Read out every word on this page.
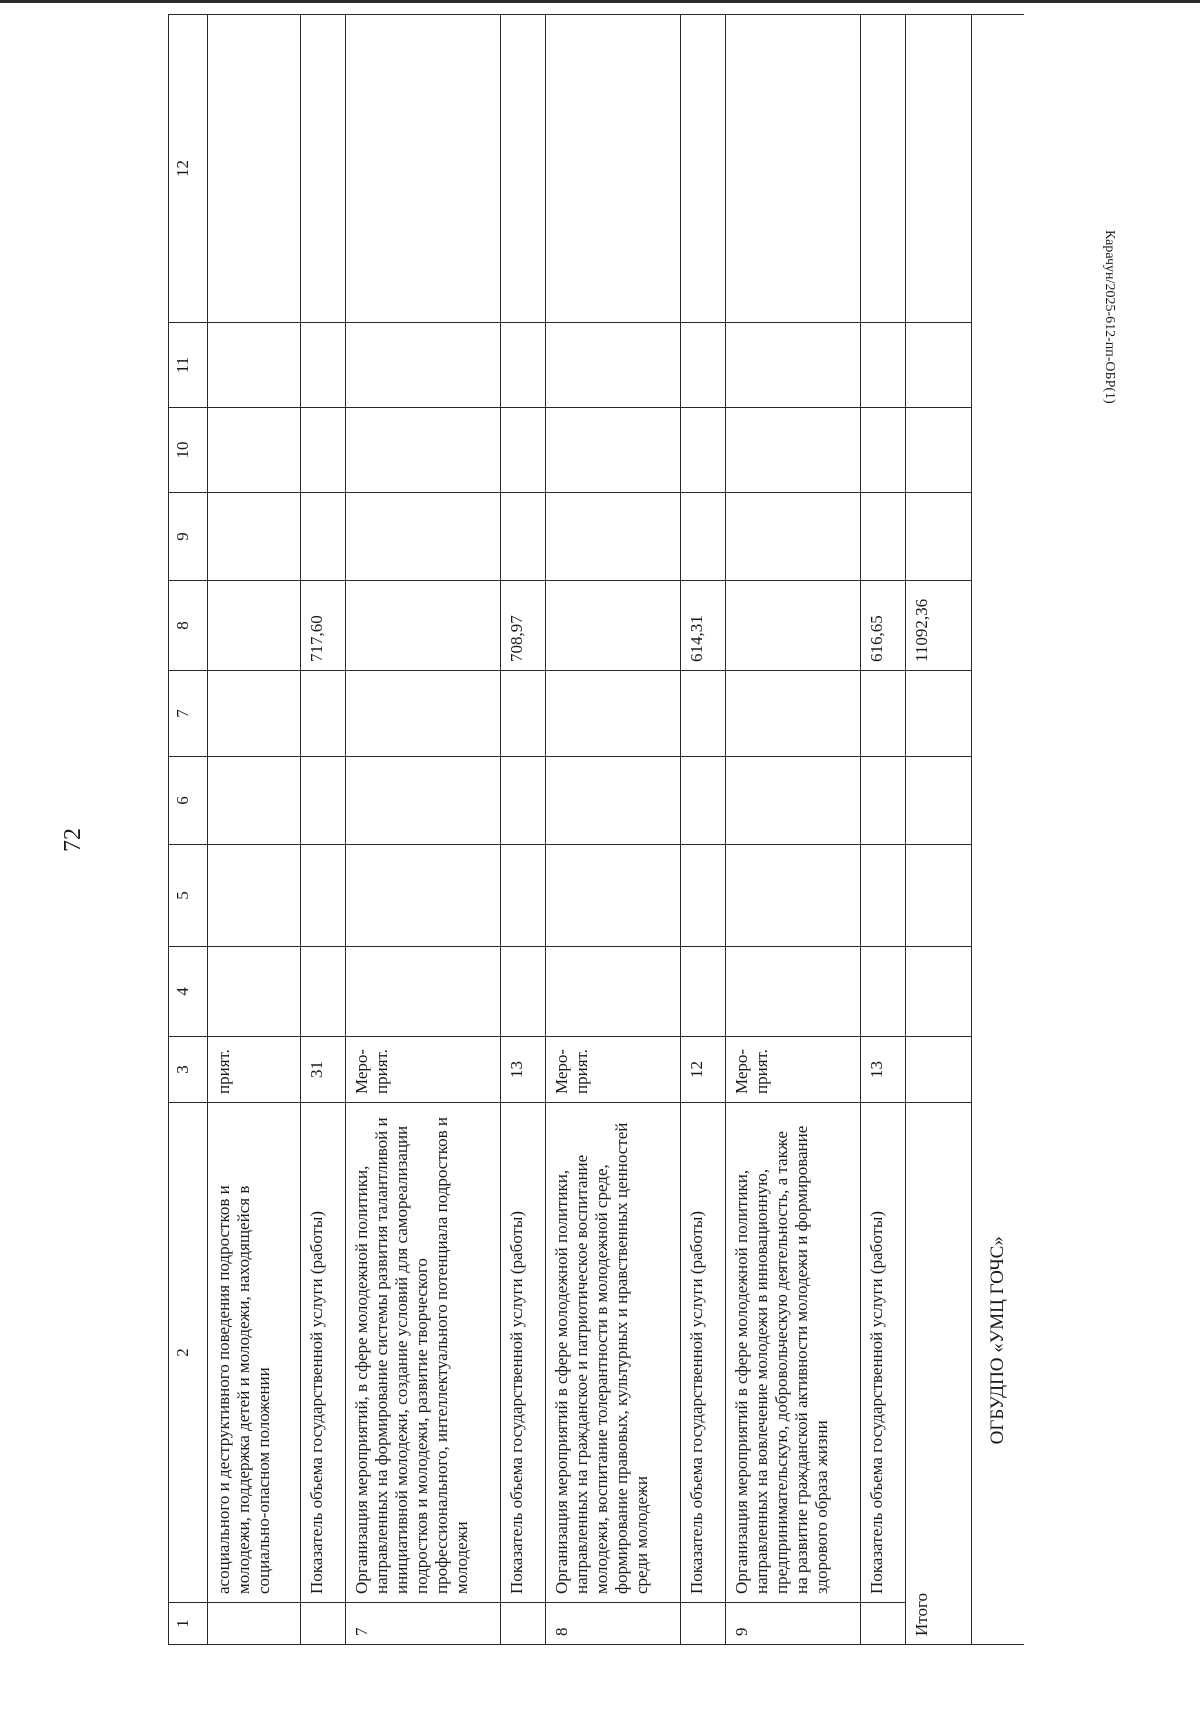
72
1	2	3	4	5	6	7	8	9	10	11	12
	асоциального и деструктивного поведения подростков и молодежи, поддержка детей и молодежи, находящейся в социально-опасном положении	прият.									
	Показатель объема государственной услуги (работы)	31					717,60				
7	Организация мероприятий, в сфере молодежной политики, направленных на формирование системы развития талантливой и инициативной молодежи, создание условий для самореализации подростков и молодежи, развитие творческого профессионального, интеллектуального потенциала подростков и молодежи	Меро-прият.									
	Показатель объема государственной услуги (работы)	13					708,97				
8	Организация мероприятий в сфере молодежной политики, направленных на гражданское и патриотическое воспитание молодежи, воспитание толерантности в молодежной среде, формирование правовых, культурных и нравственных ценностей среди молодежи	Меро-прият.									
	Показатель объема государственной услуги (работы)	12					614,31				
9	Организация мероприятий в сфере молодежной политики, направленных на вовлечение молодежи в инновационную, предпринимательскую, добровольческую деятельность, а также на развитие гражданской активности молодежи и формирование здорового образа жизни	Меро-прият.									
	Показатель объема государственной услуги (работы)	13					616,65				
Итого							11092,36				
ОГБУДПО «УМЦ ГОЧС»											
Карачун/2025-612-пп-ОБР(1)
